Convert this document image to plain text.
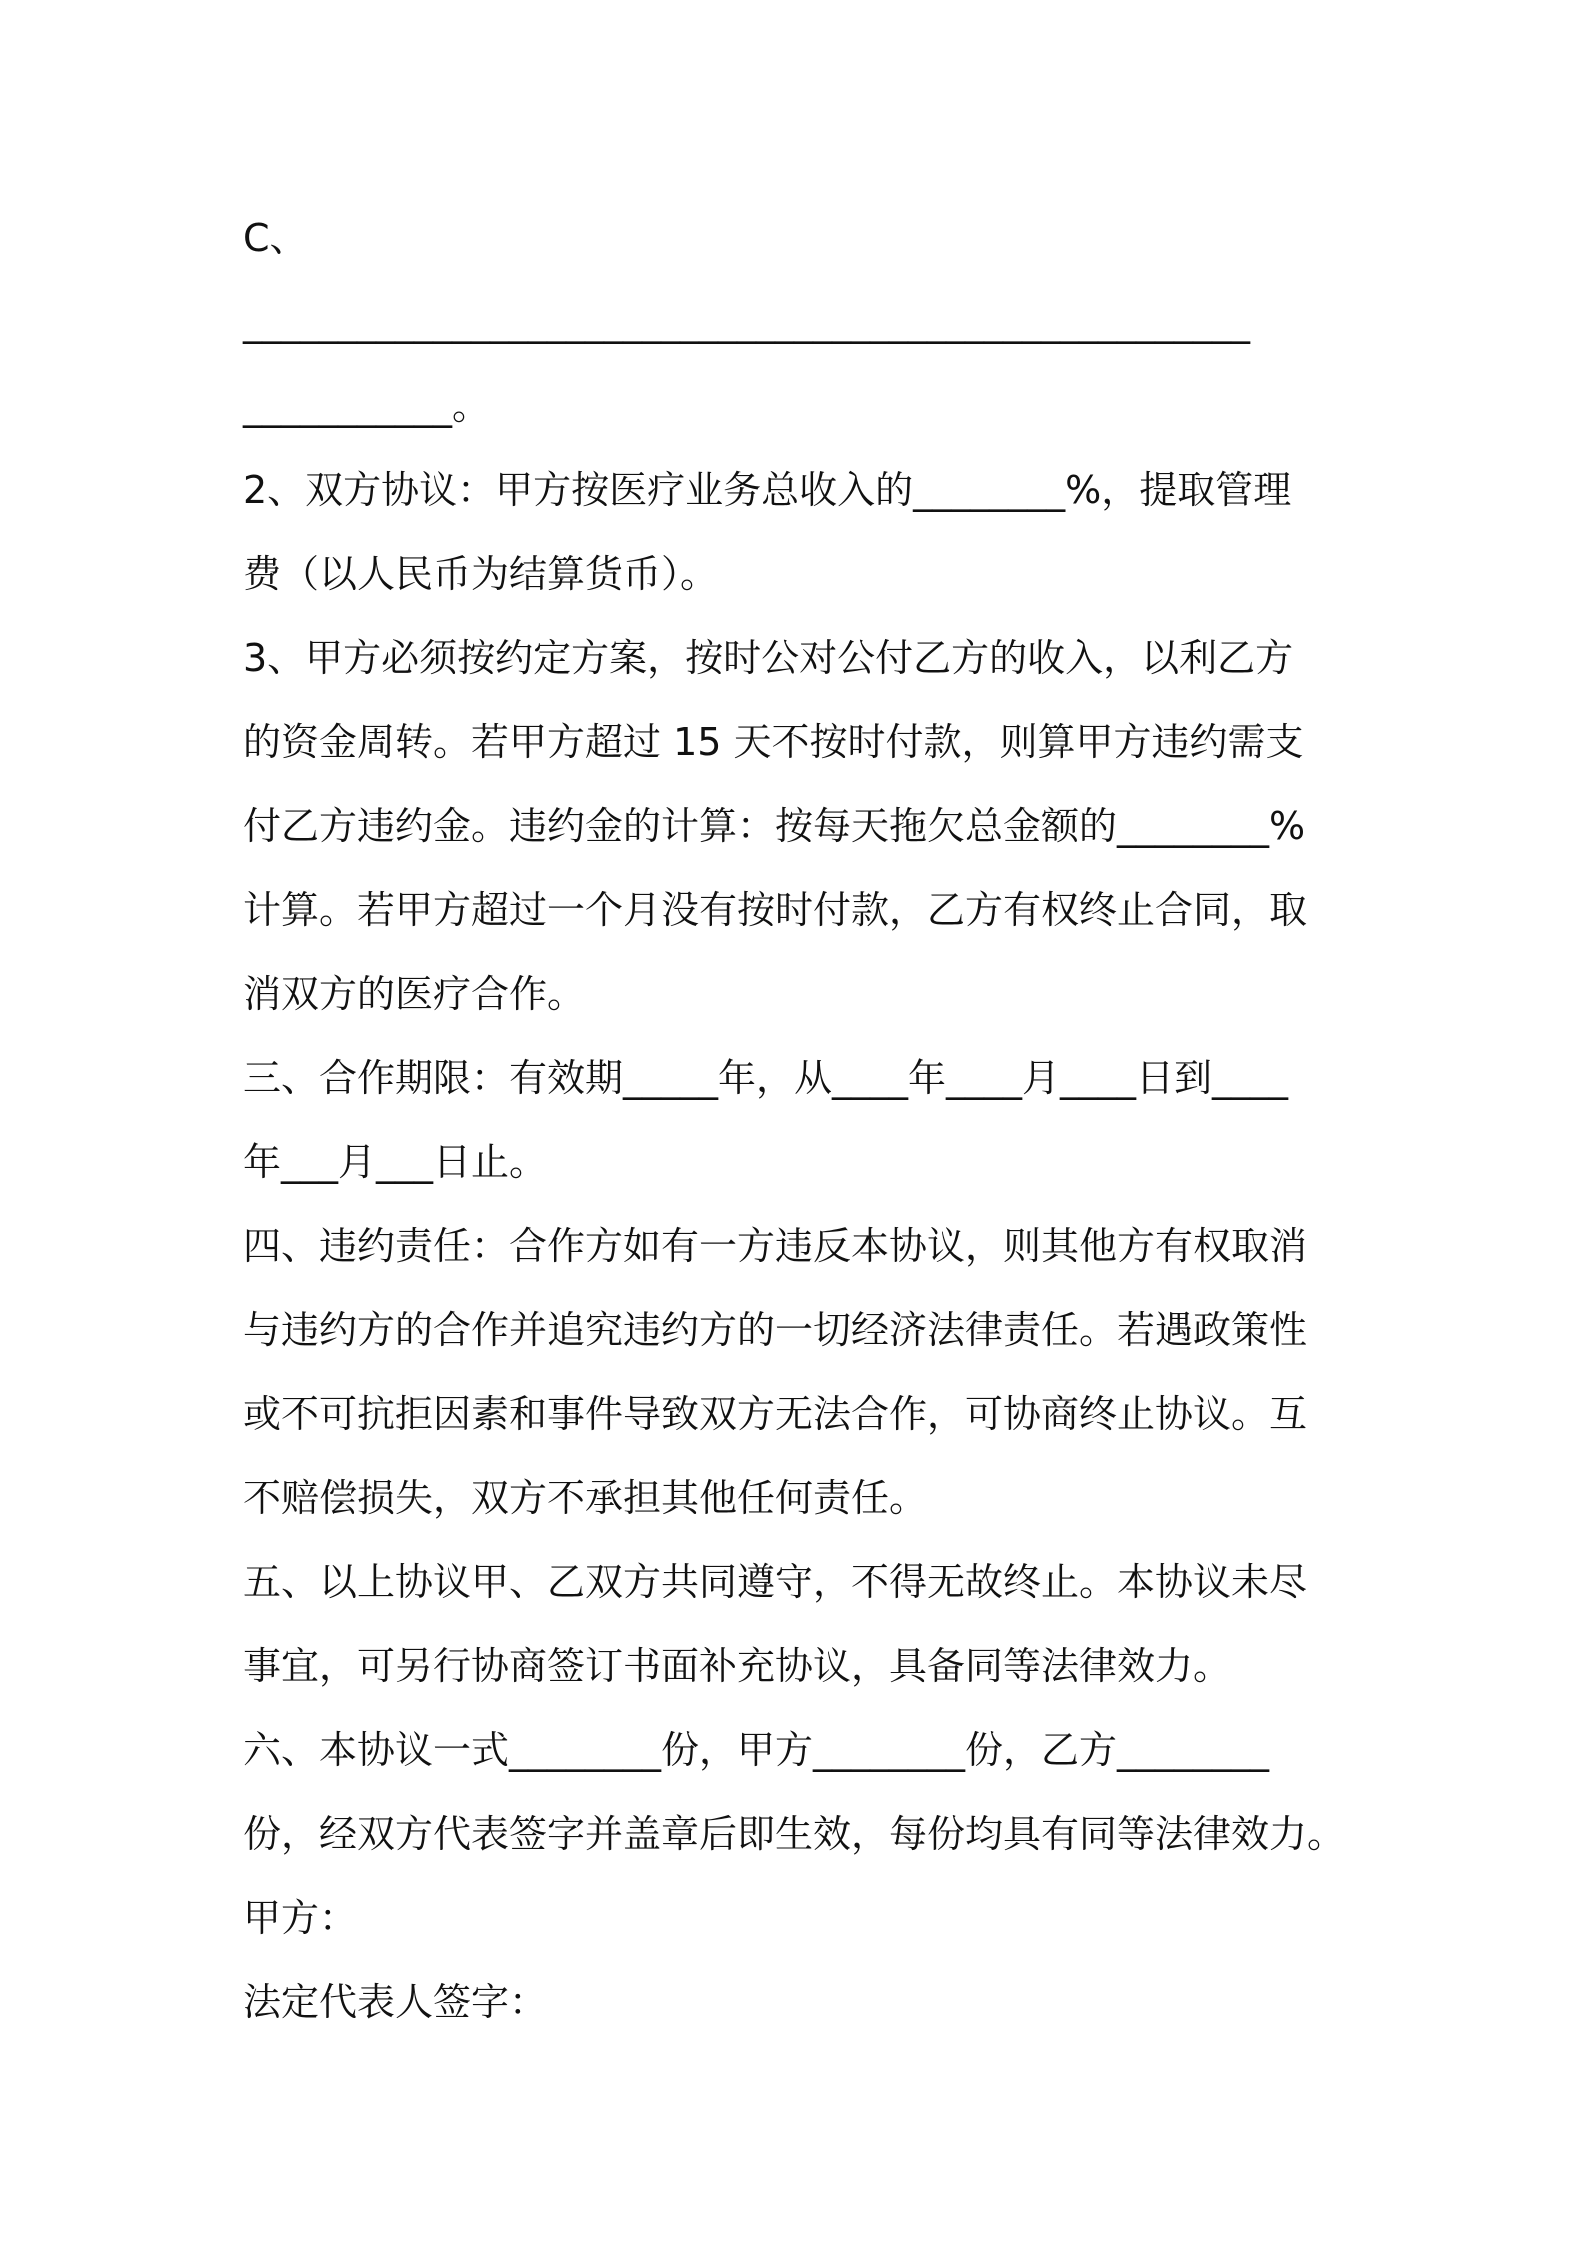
C、
_____________________________________________________
___________。
2、双方协议：甲方按医疗业务总收入的________%，提取管理
费（以人民币为结算货币）。
3、甲方必须按约定方案，按时公对公付乙方的收入，以利乙方
的资金周转。若甲方超过 15 天不按时付款，则算甲方违约需支
付乙方违约金。违约金的计算：按每天拖欠总金额的________%
计算。若甲方超过一个月没有按时付款，乙方有权终止合同，取
消双方的医疗合作。
三、合作期限：有效期_____年，从____年____月____日到____
年___月___日止。
四、违约责任：合作方如有一方违反本协议，则其他方有权取消
与违约方的合作并追究违约方的一切经济法律责任。若遇政策性
或不可抗拒因素和事件导致双方无法合作，可协商终止协议。互
不赔偿损失，双方不承担其他任何责任。
五、以上协议甲、乙双方共同遵守，不得无故终止。本协议未尽
事宜，可另行协商签订书面补充协议，具备同等法律效力。
六、本协议一式________份，甲方________份，乙方________
份，经双方代表签字并盖章后即生效，每份均具有同等法律效力。
甲方：
法定代表人签字：
